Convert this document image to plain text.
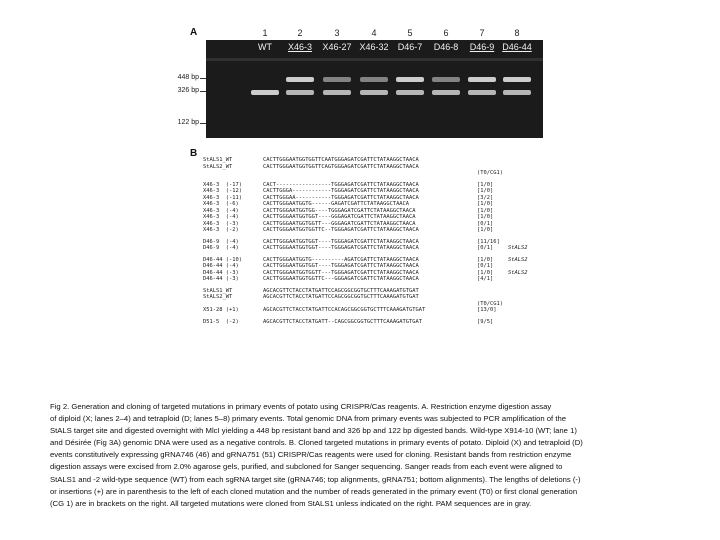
A	1	2	3	4	5	6	7	8
448 bp
326 bp
122 bp
WT	X46-3	X46-27 X46-32	D46-7	D46-8	D46-9 D46-44
B
StALS1_WT	CACTTGGGAATGGTGGTTCAATGGGAGATCGATTCTATAAGGCTAACA
StALS2_WT	CACTTGGGAATGGTGGTTCAGTGGGAGATCGATTCTATAAGGCTAACA
(T0/CG1)
X46-3  (-17)	CACT-----------------TGGGAGATCGATTCTATAAGGCTAACA	[1/0]
X46-3  (-12)	CACTTGGGA------------TGGGAGATCGATTCTATAAGGCTAACA	[1/0]
X46-3  (-11)	CACTTGGGAA-----------TGGGAGATCGATTCTATAAGGCTAACA	[3/2]
X46-3  (-6)	CACTTGGGAATGGTG------GAGATCGATTCTATAAGGCTAACA	[1/0]
X46-3  (-4)	CACTTGGGAATGGTGG----TGGGAGATCGATTCTATAAGGCTAACA	[1/0]
X46-3  (-4)	CACTTGGGAATGGTGGT----GGGAGATCGATTCTATAAGGCTAACA	[1/0]
X46-3  (-3)	CACTTGGGAATGGTGGTT---GGGAGATCGATTCTATAAGGCTAACA	[0/1]
X46-3  (-2)	CACTTGGGAATGGTGGTTC--TGGGAGATCGATTCTATAAGGCTAACA	[1/0]
D46-9  (-4)	CACTTGGGAATGGTGGT----TGGGAGATCGATTCTATAAGGCTAACA	[11/16]
D46-9  (-4)	CACTTGGGAATGGTGGT----TGGGAGATCGATTCTATAAGGCTAACA	[0/1]	StALS2
D46-44 (-10)	CACTTGGGAATGGTG----------AGATCGATTCTATAAGGCTAACA	[1/0]	StALS2
D46-44 (-4)	CACTTGGGAATGGTGGT----TGGGAGATCGATTCTATAAGGCTAACA	[0/1]
D46-44 (-3)	CACTTGGGAATGGTGGTT---TGGGAGATCGATTCTATAAGGCTAACA	[1/0]	StALS2
D46-44 (-3)	CACTTGGGAATGGTGGTTC---GGGAGATCGATTCTATAAGGCTAACA	[4/1]
StALS1_WT	AGCACGTTCTACCTATGATTCCAGCGGCGGTGCTTTCAAAGATGTGAT
StALS2_WT	AGCACGTTCTACCTATGATTCCAGCGGCGGTGCTTTCAAAGATGTGAT
(T0/CG1)
X51-28 (+1)	AGCACGTTCTACCTATGATTCCACAGCGGCGGTGCTTTCAAAGATGTGAT	[13/0]
D51-5  (-2)	AGCACGTTCTACCTATGATT--CAGCGGCGGTGCTTTCAAAGATGTGAT	[9/5]
Fig 2. Generation and cloning of targeted mutations in primary events of potato using CRISPR/Cas reagents. A. Restriction enzyme digestion assay
of diploid (X; lanes 2–4) and tetraploid (D; lanes 5–8) primary events. Total genomic DNA from primary events was subjected to PCR amplification of the
StALS target site and digested overnight with MlcI yielding a 448 bp resistant band and 326 bp and 122 bp digested bands. Wild-type X914-10 (WT; lane 1)
and Désirée (Fig 3A) genomic DNA were used as a negative controls. B. Cloned targeted mutations in primary events of potato. Diploid (X) and tetraploid (D)
events constitutively expressing gRNA746 (46) and gRNA751 (51) CRISPR/Cas reagents were used for cloning. Resistant bands from restriction enzyme
digestion assays were excised from 2.0% agarose gels, purified, and subcloned for Sanger sequencing. Sanger reads from each event were aligned to
StALS1 and -2 wild-type sequence (WT) from each sgRNA target site (gRNA746; top alignments, gRNA751; bottom alignments). The lengths of deletions (-)
or insertions (+) are in parenthesis to the left of each cloned mutation and the number of reads generated in the primary event (T0) or first clonal generation
(CG 1) are in brackets on the right. All targeted mutations were cloned from StALS1 unless indicated on the right. PAM sequences are in gray.
